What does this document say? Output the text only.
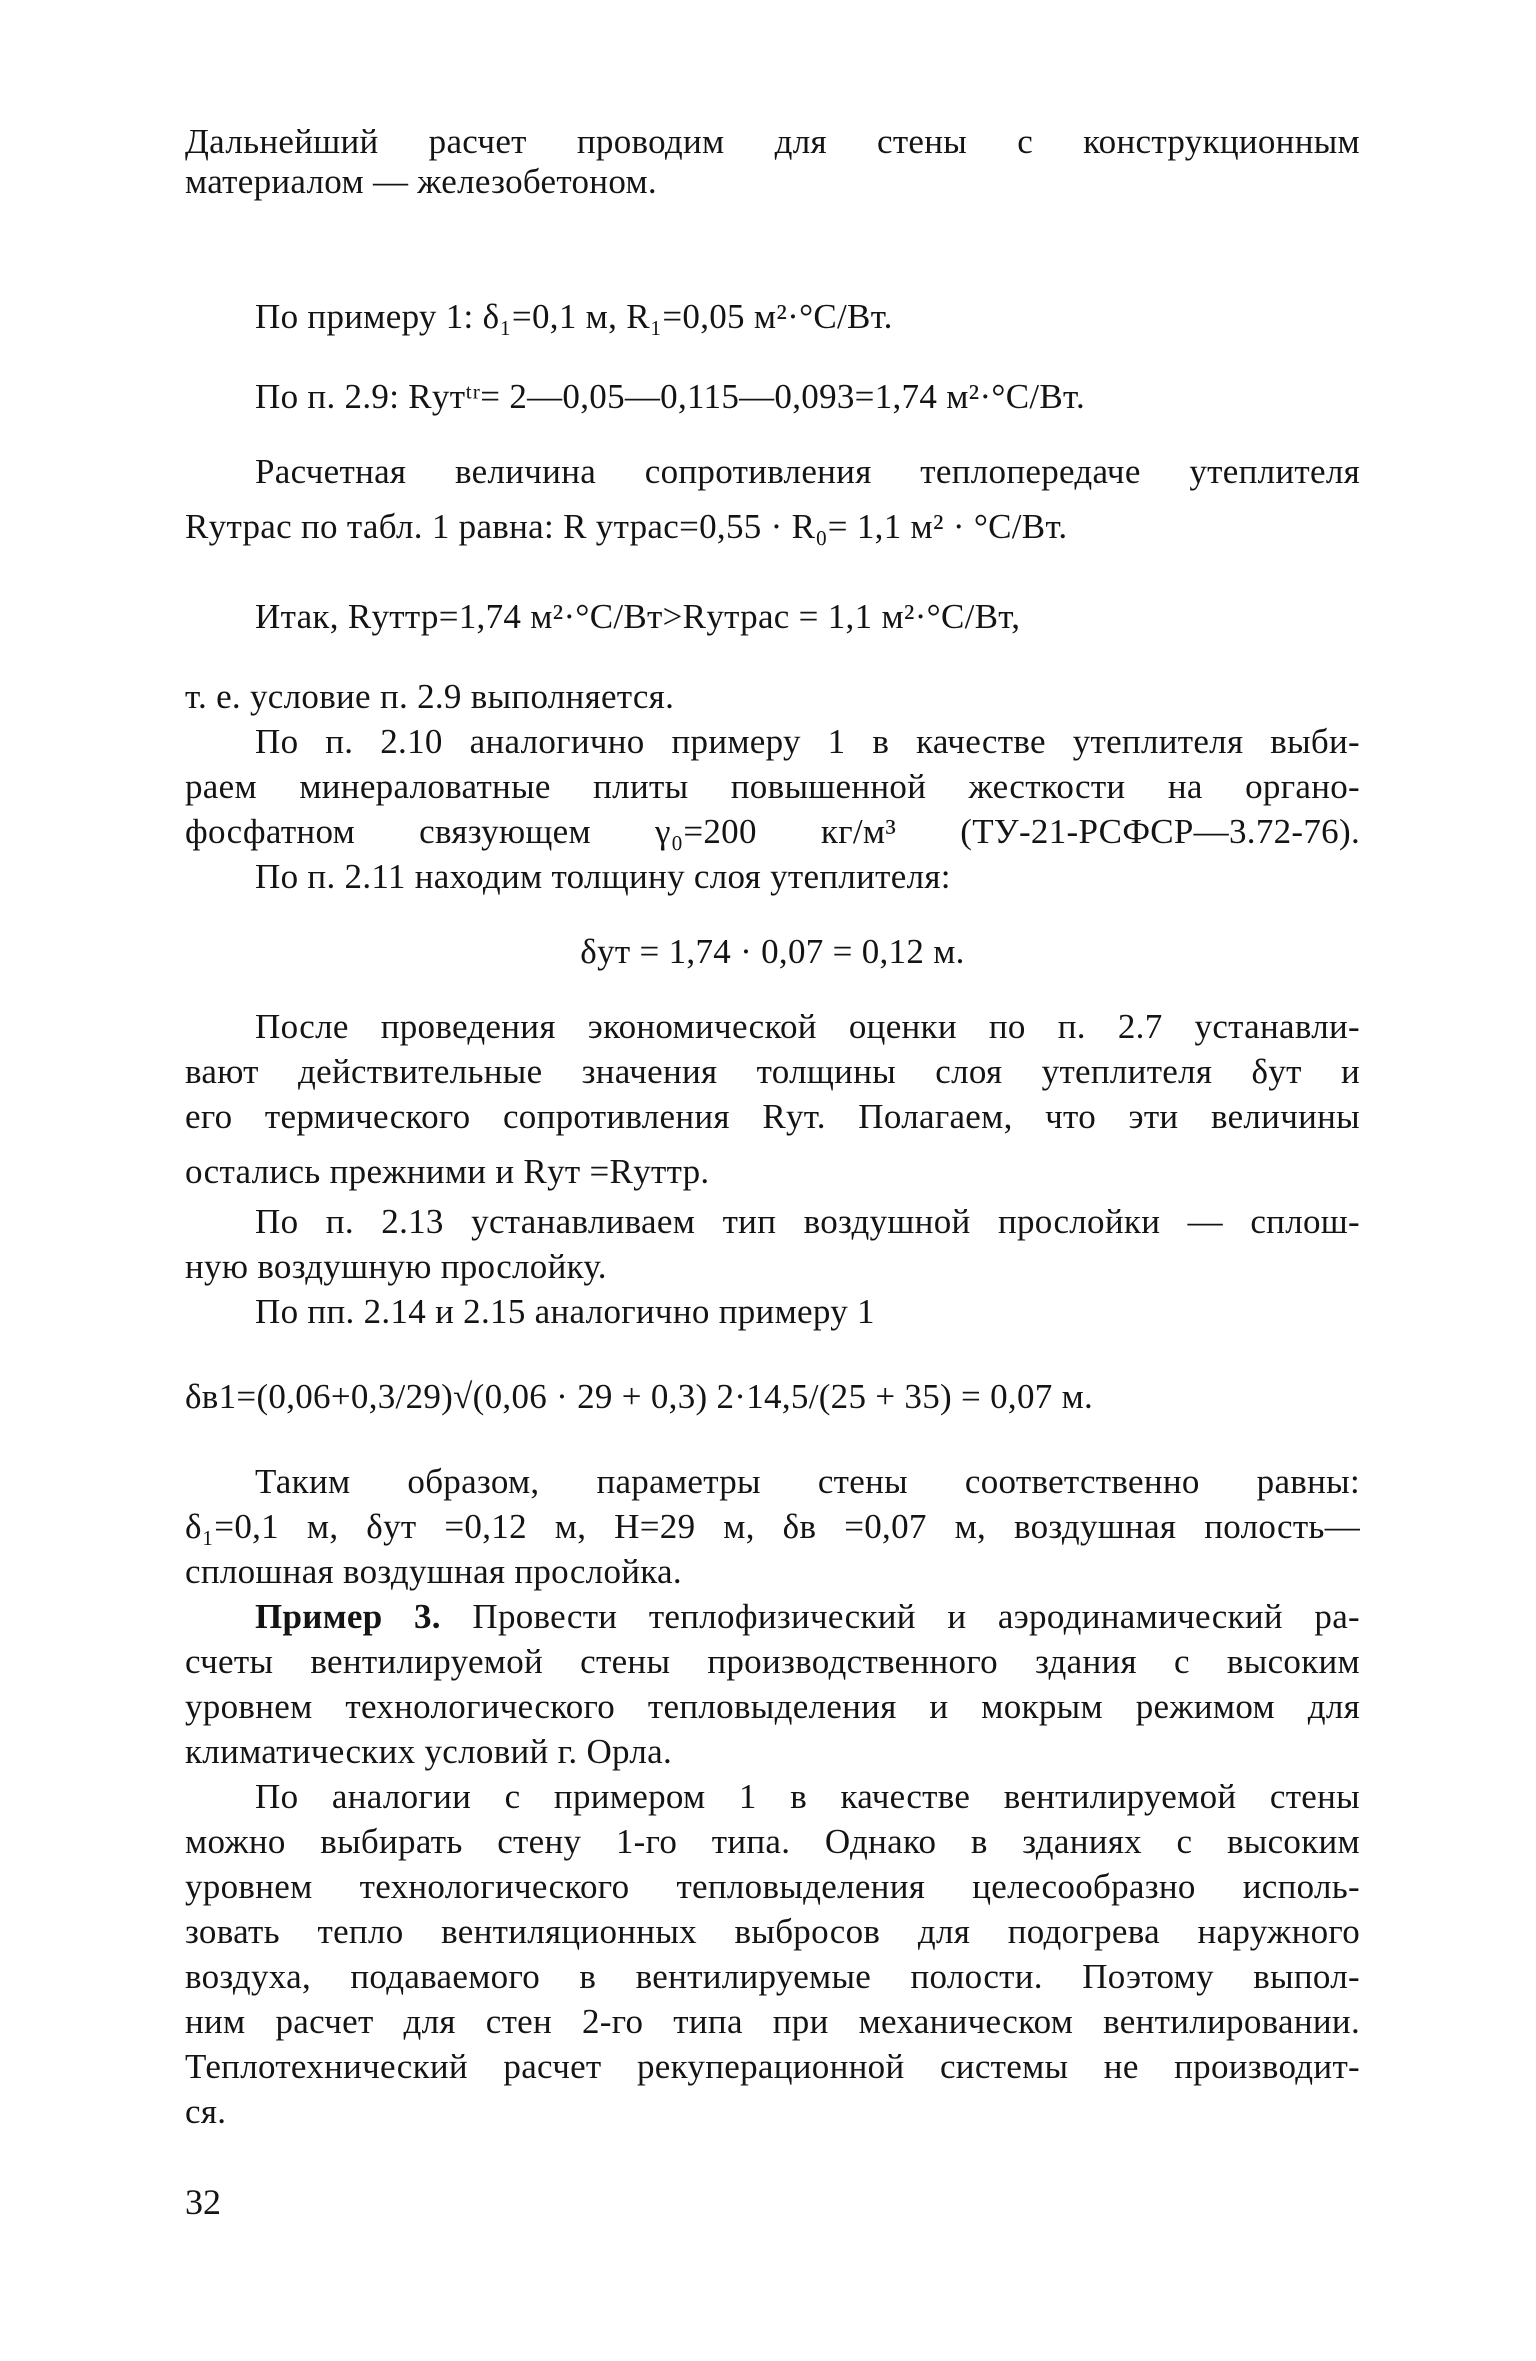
Дальнейший расчет проводим для стены с конструкционным
материалом — железобетоном.
По примеру 1: δ₁=0,1 м, R₁=0,05 м²·°С/Вт.
По п. 2.9: Rутᵗʳ= 2—0,05—0,115—0,093=1,74 м²·°С/Вт.
Расчетная величина сопротивления теплопередаче утеплителя
Rутрас по табл. 1 равна: R утрас=0,55 · R₀= 1,1 м² · °С/Вт.
Итак, Rуттр=1,74 м²·°С/Вт>Rутрас = 1,1 м²·°С/Вт,
т. е. условие п. 2.9 выполняется.
По п. 2.10 аналогично примеру 1 в качестве утеплителя выби-
раем минераловатные плиты повышенной жесткости на органо-
фосфатном связующем γ₀=200 кг/м³ (ТУ-21-РСФСР—3.72-76).
По п. 2.11 находим толщину слоя утеплителя:
δут = 1,74 · 0,07 = 0,12 м.
После проведения экономической оценки по п. 2.7 устанавли-
вают действительные значения толщины слоя утеплителя δут и
его термического сопротивления Rут. Полагаем, что эти величины
остались прежними и Rут =Rуттр.
По п. 2.13 устанавливаем тип воздушной прослойки — сплош-
ную воздушную прослойку.
По пп. 2.14 и 2.15 аналогично примеру 1
δв1=(0,06+0,3/29)√(0,06 · 29 + 0,3) 2·14,5/(25 + 35) = 0,07 м.
Таким образом, параметры стены соответственно равны:
δ₁=0,1 м, δут =0,12 м, H=29 м, δв =0,07 м, воздушная полость—
сплошная воздушная прослойка.
Пример 3. Провести теплофизический и аэродинамический ра-
счеты вентилируемой стены производственного здания с высоким
уровнем технологического тепловыделения и мокрым режимом для
климатических условий г. Орла.
По аналогии с примером 1 в качестве вентилируемой стены
можно выбирать стену 1-го типа. Однако в зданиях с высоким
уровнем технологического тепловыделения целесообразно исполь-
зовать тепло вентиляционных выбросов для подогрева наружного
воздуха, подаваемого в вентилируемые полости. Поэтому выпол-
ним расчет для стен 2-го типа при механическом вентилировании.
Теплотехнический расчет рекуперационной системы не производит-
ся.
32
